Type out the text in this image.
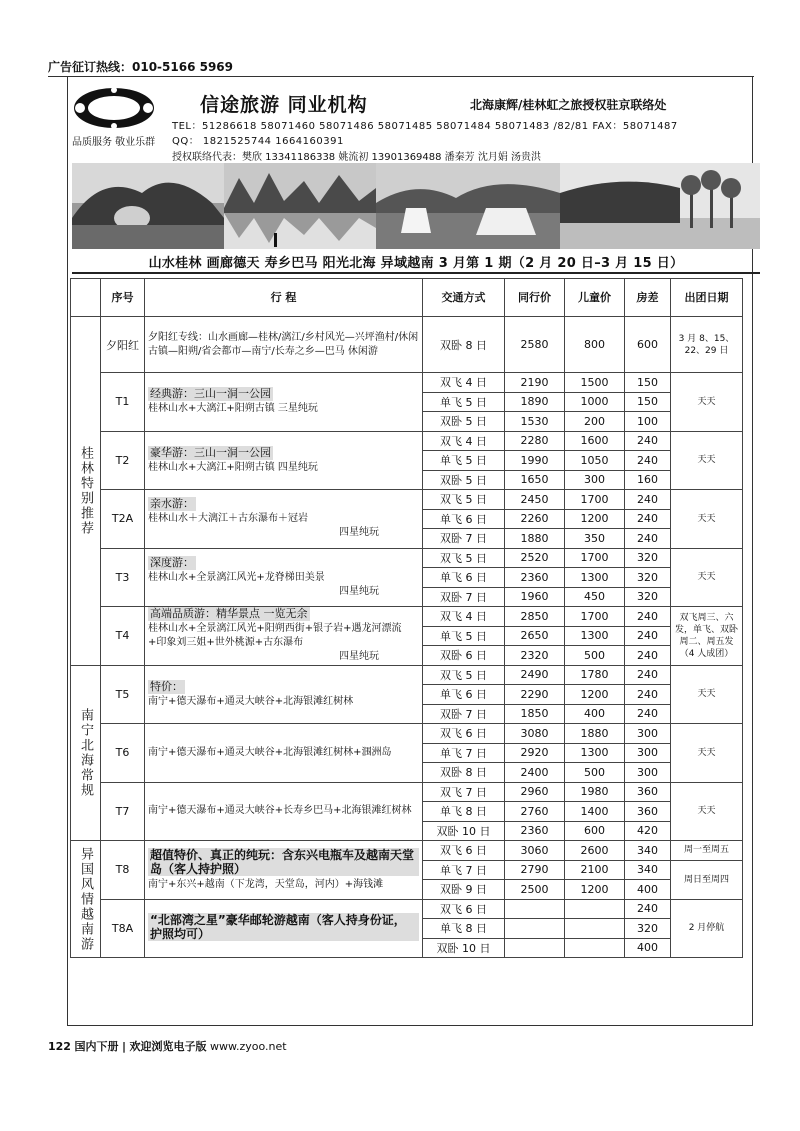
广告征订热线：010-5166 5969
信途旅游 同业机构	北海康辉/桂林虹之旅授权驻京联络处
TEL：51286618 58071460 58071486 58071485 58071484 58071483 /82/81 FAX：58071487
品质服务 敬业乐群 QQ： 1821525744 1664160391
授权联络代表：樊欣 13341186338 姚流初 13901369488 潘秦芳 沈月娟 汤贵洪
山水桂林 画廊德天 寿乡巴马 阳光北海 异域越南 3 月第 1 期（2 月 20 日–3 月 15 日）
	序号	行 程	交通方式	同行价	儿童价	房差	出团日期
桂林特别推荐	夕阳红	夕阳红专线：山水画廊—桂林/漓江/乡村风光—兴坪渔村/休闲古镇—阳朔/省会都市—南宁/长寿之乡—巴马 休闲游	双卧 8 日	2580	800	600	3 月 8、15、22、29 日
	T1	经典游：三山一洞一公园
桂林山水+大漓江+阳朔古镇 三星纯玩	双飞 4 日	2190	1500	150	天天
			单飞 5 日	1890	1000	150	
			双卧 5 日	1530	200	100	
	T2	豪华游：三山一洞一公园
桂林山水+大漓江+阳朔古镇 四星纯玩	双飞 4 日	2280	1600	240	天天
			单飞 5 日	1990	1050	240	
			双卧 5 日	1650	300	160	
	T2A	亲水游：
桂林山水＋大漓江＋古东瀑布＋冠岩
四星纯玩	双飞 5 日	2450	1700	240	天天
			单飞 6 日	2260	1200	240	
			双卧 7 日	1880	350	240	
	T3	深度游：
桂林山水+全景漓江风光+龙脊梯田美景
四星纯玩	双飞 5 日	2520	1700	320	天天
			单飞 6 日	2360	1300	320	
			双卧 7 日	1960	450	320	
	T4	高端品质游：精华景点 一览无余
桂林山水+全景漓江风光+阳朔西街+银子岩+遇龙河漂流+印象刘三姐+世外桃源+古东瀑布
四星纯玩	双飞 4 日	2850	1700	240	双飞周三、六发，单飞、双卧周二、周五发（4 人成团）
			单飞 5 日	2650	1300	240	
			双卧 6 日	2320	500	240	
南宁北海常规	T5	特价：
南宁+德天瀑布+通灵大峡谷+北海银滩红树林	双飞 5 日	2490	1780	240	天天
			单飞 6 日	2290	1200	240	
			双卧 7 日	1850	400	240	
	T6	南宁+德天瀑布+通灵大峡谷+北海银滩红树林+涠洲岛	双飞 6 日	3080	1880	300	天天
			单飞 7 日	2920	1300	300	
			双卧 8 日	2400	500	300	
	T7	南宁+德天瀑布+通灵大峡谷+长寿乡巴马+北海银滩红树林	双飞 7 日	2960	1980	360	天天
			单飞 8 日	2760	1400	360	
			双卧 10 日	2360	600	420	
异国风情越南游	T8	超值特价、真正的纯玩：含东兴电瓶车及越南天堂岛（客人持护照）
南宁+东兴+越南（下龙湾，天堂岛，河内）+海钱滩	双飞 6 日	3060	2600	340	周一至周五
			单飞 7 日	2790	2100	340	周日至周四
			双卧 9 日	2500	1200	400	
	T8A	“北部湾之星”豪华邮轮游越南（客人持身份证，护照均可）	双飞 6 日			240	2 月停航
			单飞 8 日			320	
			双卧 10 日			400	
122 国内下册 | 欢迎浏览电子版 www.zyoo.net
